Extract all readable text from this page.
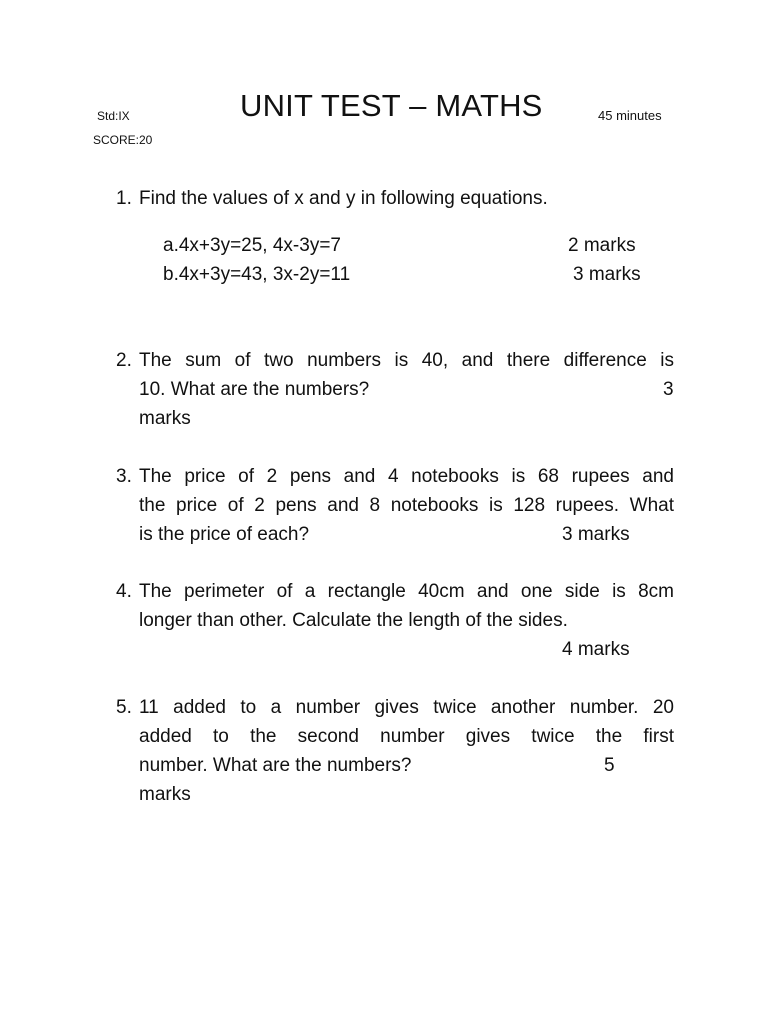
Std:IX	UNIT TEST – MATHS	45 minutes
SCORE:20
1. Find the values of x and y in following equations.
a.4x+3y=25, 4x-3y=7	2 marks
b.4x+3y=43, 3x-2y=11	3 marks
2. The sum of two numbers is 40, and there difference is
10. What are the numbers?	3
marks
3. The price of 2 pens and 4 notebooks is 68 rupees and
the price of 2 pens and 8 notebooks is 128 rupees. What
is the price of each?	3 marks
4. The perimeter of a rectangle 40cm and one side is 8cm
longer than other. Calculate the length of the sides.
4 marks
5. 11 added to a number gives twice another number. 20
added to the second number gives twice the first
number. What are the numbers?	5
marks
